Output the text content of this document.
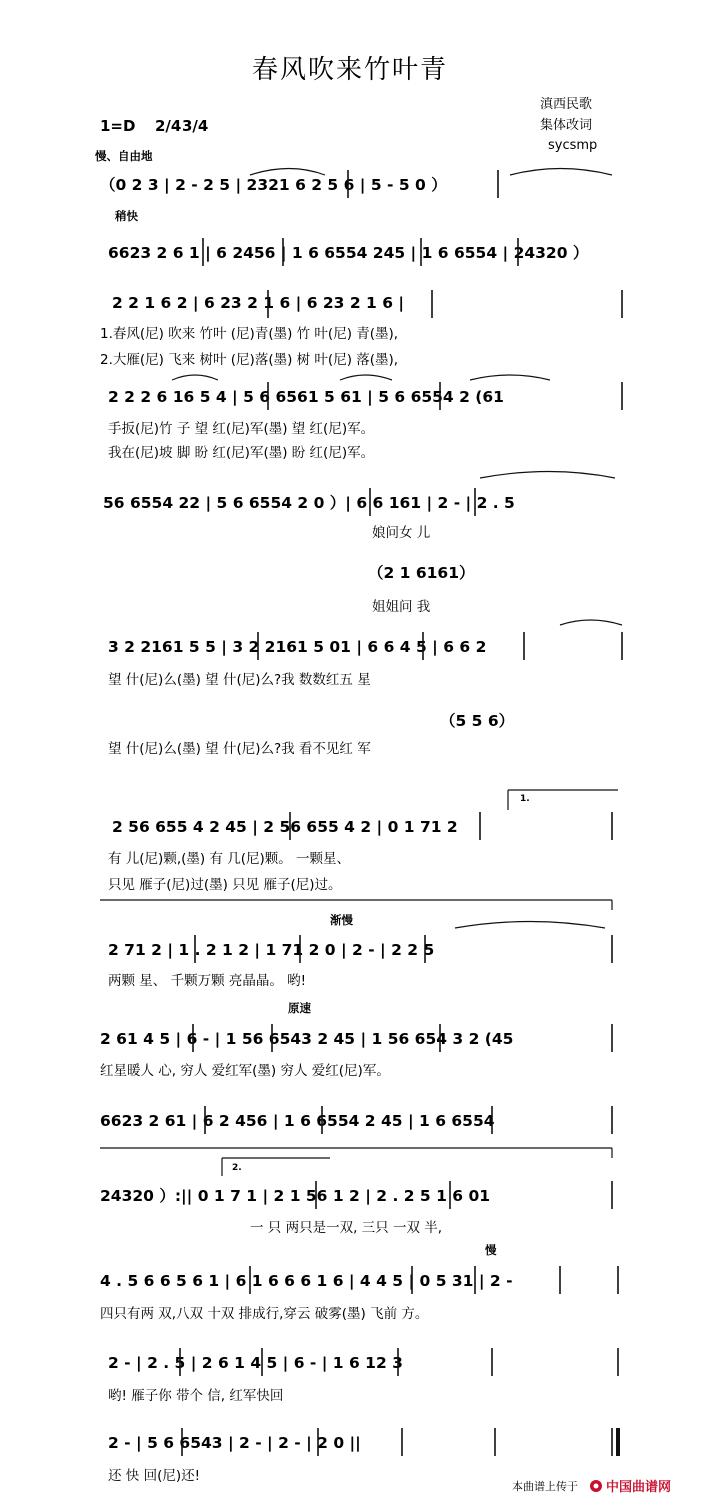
春风吹来竹叶青
滇西民歌
集体改词
sycsmp
1=D 2/4 3/4
慢、自由地
（0 2 3 | 2 - 2 5 | 2321 6 2 5 6 | 5 - 5 0 ）
稍快
6623 2 6 1 | 6 2456 | 1 6 6554 245 | 1 6 6554 | 24320 ）
2 2 1 6 2 | 6 23 2 1 6 | 6 23 2 1 6 |
1.春风(尼) 吹来 竹叶 (尼)青(墨) 竹 叶(尼) 青(墨),
2.大雁(尼) 飞来 树叶 (尼)落(墨) 树 叶(尼) 落(墨),
2 2 2 6 16 5 4 | 5 6 6561 5 61 | 5 6 6554 2 (61
手扳(尼)竹 子 望 红(尼)军(墨) 望 红(尼)军。
我在(尼)坡 脚 盼 红(尼)军(墨) 盼 红(尼)军。
56 6554 22 | 5 6 6554 2 0 ）| 6 6 161 | 2 - | 2 . 5
娘问女 儿
（2 1 6161）
姐姐问 我
3 2 2161 5 5 | 3 2 2161 5 01 | 6 6 4 5 | 6 6 2
望 什(尼)么(墨) 望 什(尼)么?我 数数红五 星
（5 5 6）
望 什(尼)么(墨) 望 什(尼)么?我 看不见红 军
1.
2 56 655 4 2 45 | 2 56 655 4 2 | 0 1 71 2
有 儿(尼)颗,(墨) 有 几(尼)颗。 一颗星、
只见 雁子(尼)过(墨) 只见 雁子(尼)过。
渐慢
2 71 2 | 1 . 2 1 2 | 1 71 2 0 | 2 - | 2 2 5
两颗 星、 千颗万颗 亮晶晶。 哟!
原速
2 61 4 5 | 6 - | 1 56 6543 2 45 | 1 56 654 3 2 (45
红星暖人 心, 穷人 爱红军(墨) 穷人 爱红(尼)军。
6623 2 61 | 6 2 456 | 1 6 6554 2 45 | 1 6 6554
2.
24320 ）:|| 0 1 7 1 | 2 1 56 1 2 | 2 . 2 5 1 6 01
一 只 两只是一双, 三只 一双 半,
慢
4 . 5 6 6 5 6 1 | 6 1 6 6 6 1 6 | 4 4 5 | 0 5 31 | 2 -
四只有两 双,八双 十双 排成行,穿云 破雾(墨) 飞前 方。
2 - | 2 . 5 | 2 6 1 4 5 | 6 - | 1 6 12 3
哟! 雁子你 带个 信, 红军快回
2 - | 5 6 6543 | 2 - | 2 - | 2 0 ||
还 快 回(尼)还!
本曲谱上传于 中国曲谱网
